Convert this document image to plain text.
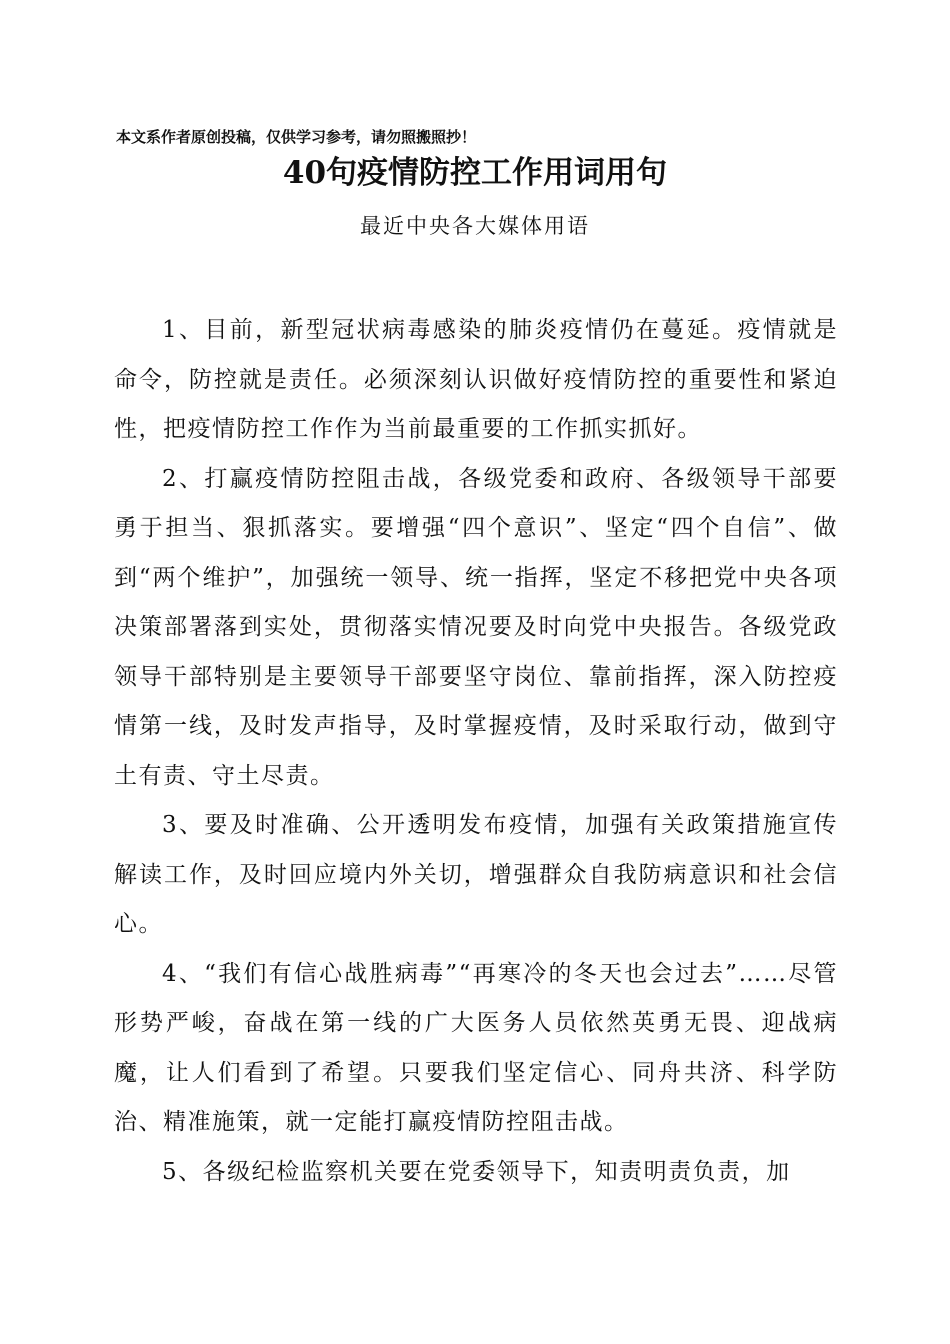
本文系作者原创投稿，仅供学习参考，请勿照搬照抄！
40句疫情防控工作用词用句
最近中央各大媒体用语

1、目前，新型冠状病毒感染的肺炎疫情仍在蔓延。疫情就是命令，防控就是责任。必须深刻认识做好疫情防控的重要性和紧迫性，把疫情防控工作作为当前最重要的工作抓实抓好。

2、打赢疫情防控阻击战，各级党委和政府、各级领导干部要勇于担当、狠抓落实。要增强“四个意识”、坚定“四个自信”、做到“两个维护”，加强统一领导、统一指挥，坚定不移把党中央各项决策部署落到实处，贯彻落实情况要及时向党中央报告。各级党政领导干部特别是主要领导干部要坚守岗位、靠前指挥，深入防控疫情第一线，及时发声指导，及时掌握疫情，及时采取行动，做到守土有责、守土尽责。

3、要及时准确、公开透明发布疫情，加强有关政策措施宣传解读工作，及时回应境内外关切，增强群众自我防病意识和社会信心。

4、“我们有信心战胜病毒”“再寒冷的冬天也会过去”……尽管形势严峻，奋战在第一线的广大医务人员依然英勇无畏、迎战病魔，让人们看到了希望。只要我们坚定信心、同舟共济、科学防治、精准施策，就一定能打赢疫情防控阻击战。

5、各级纪检监察机关要在党委领导下，知责明责负责，加
